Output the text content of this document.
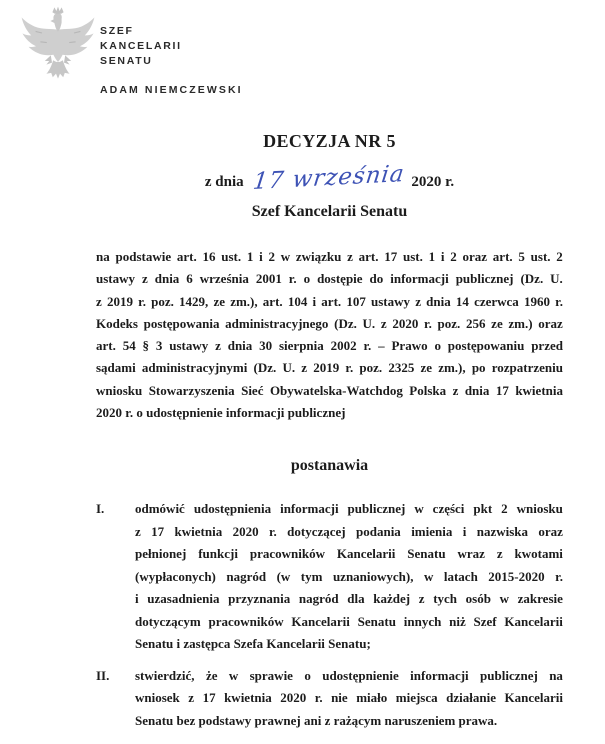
SZEF
KANCELARII
SENATU
ADAM NIEMCZEWSKI
DECYZJA NR 5
z dnia 17 września 2020 r.
Szef Kancelarii Senatu
na podstawie art. 16 ust. 1 i 2 w związku z art. 17 ust. 1 i 2 oraz art. 5 ust. 2
ustawy z dnia 6 września 2001 r. o dostępie do informacji publicznej (Dz. U.
z 2019 r. poz. 1429, ze zm.), art. 104 i art. 107 ustawy z dnia 14 czerwca 1960 r.
Kodeks postępowania administracyjnego (Dz. U. z 2020 r. poz. 256 ze zm.) oraz
art. 54 § 3 ustawy z dnia 30 sierpnia 2002 r. – Prawo o postępowaniu przed
sądami administracyjnymi (Dz. U. z 2019 r. poz. 2325 ze zm.), po rozpatrzeniu
wniosku Stowarzyszenia Sieć Obywatelska-Watchdog Polska z dnia 17 kwietnia
2020 r. o udostępnienie informacji publicznej
postanawia
I.	odmówić udostępnienia informacji publicznej w części pkt 2 wniosku
z 17 kwietnia 2020 r. dotyczącej podania imienia i nazwiska oraz
pełnionej funkcji pracowników Kancelarii Senatu wraz z kwotami
(wypłaconych) nagród (w tym uznaniowych), w latach 2015-2020 r.
i uzasadnienia przyznania nagród dla każdej z tych osób w zakresie
dotyczącym pracowników Kancelarii Senatu innych niż Szef Kancelarii
Senatu i zastępca Szefa Kancelarii Senatu;
II.	stwierdzić, że w sprawie o udostępnienie informacji publicznej na
wniosek z 17 kwietnia 2020 r. nie miało miejsca działanie Kancelarii
Senatu bez podstawy prawnej ani z rażącym naruszeniem prawa.
